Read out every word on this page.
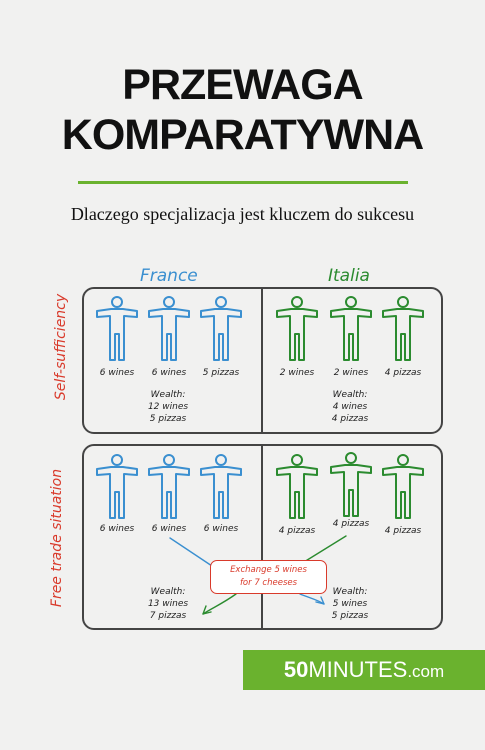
PRZEWAGA
KOMPARATYWNA
Dlaczego specjalizacja jest kluczem do sukcesu
France	Italia
Self-sufficiency
Free trade situation
6 wines	6 wines	5 pizzas	2 wines	2 wines	4 pizzas
Wealth:
12 wines
5 pizzas
Wealth:
4 wines
4 pizzas
6 wines	6 wines	6 wines	4 pizzas
4 pizzas
4 pizzas
Exchange 5 wines
for 7 cheeses
Wealth:
13 wines
7 pizzas
Wealth:
5 wines
5 pizzas
50MINUTES.com
